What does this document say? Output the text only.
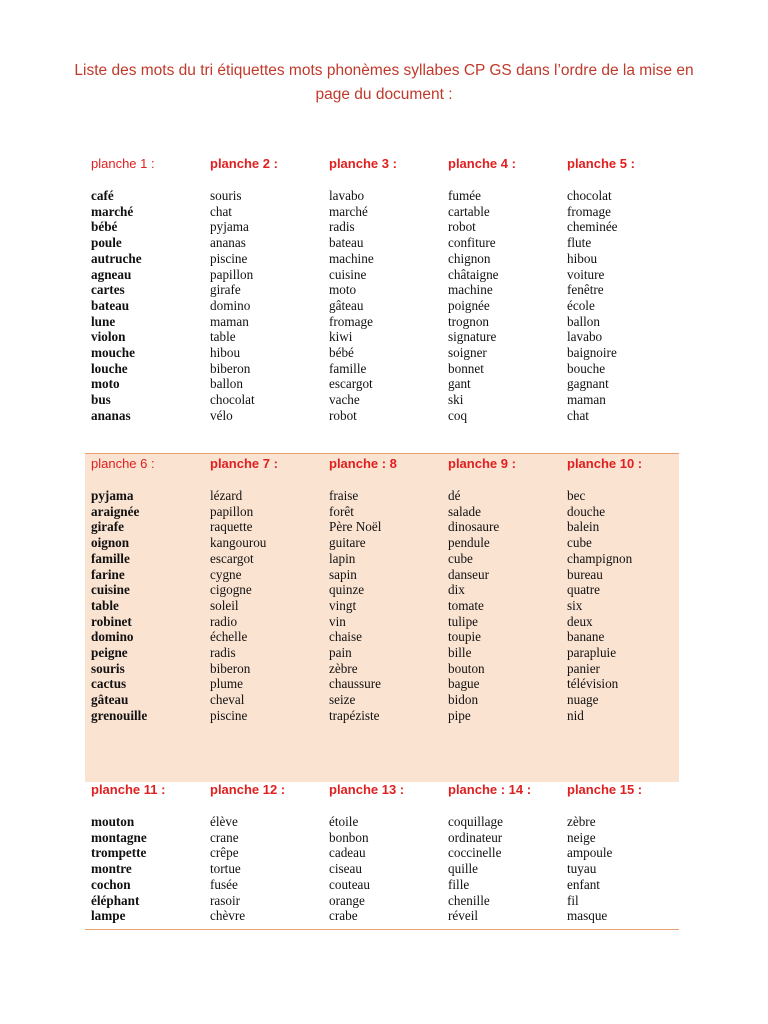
Liste des mots du tri étiquettes mots phonèmes syllabes CP GS dans l’ordre de la mise en page du document :
planche 1 :
café
marché
bébé
poule
autruche
agneau
cartes
bateau
lune
violon
mouche
louche
moto
bus
ananas
planche 2 :
souris
chat
pyjama
ananas
piscine
papillon
girafe
domino
maman
table
hibou
biberon
ballon
chocolat
vélo
planche 3 :
lavabo
marché
radis
bateau
machine
cuisine
moto
gâteau
fromage
kiwi
bébé
famille
escargot
vache
robot
planche 4 :
fumée
cartable
robot
confiture
chignon
châtaigne
machine
poignée
trognon
signature
soigner
bonnet
gant
ski
coq
planche 5 :
chocolat
fromage
cheminée
flute
hibou
voiture
fenêtre
école
ballon
lavabo
baignoire
bouche
gagnant
maman
chat
planche 6 :
pyjama
araignée
girafe
oignon
famille
farine
cuisine
table
robinet
domino
peigne
souris
cactus
gâteau
grenouille
planche 7 :
lézard
papillon
raquette
kangourou
escargot
cygne
cigogne
soleil
radio
échelle
radis
biberon
plume
cheval
piscine
planche : 8
fraise
forêt
Père Noël
guitare
lapin
sapin
quinze
vingt
vin
chaise
pain
zèbre
chaussure
seize
trapéziste
planche 9 :
dé
salade
dinosaure
pendule
cube
danseur
dix
tomate
tulipe
toupie
bille
bouton
bague
bidon
pipe
planche 10 :
bec
douche
balein
cube
champignon
bureau
quatre
six
deux
banane
parapluie
panier
télévision
nuage
nid
planche 11 :
mouton
montagne
trompette
montre
cochon
éléphant
lampe
planche 12 :
élève
crane
crêpe
tortue
fusée
rasoir
chèvre
planche 13 :
étoile
bonbon
cadeau
ciseau
couteau
orange
crabe
planche : 14 :
coquillage
ordinateur
coccinelle
quille
fille
chenille
réveil
planche 15 :
zèbre
neige
ampoule
tuyau
enfant
fil
masque
